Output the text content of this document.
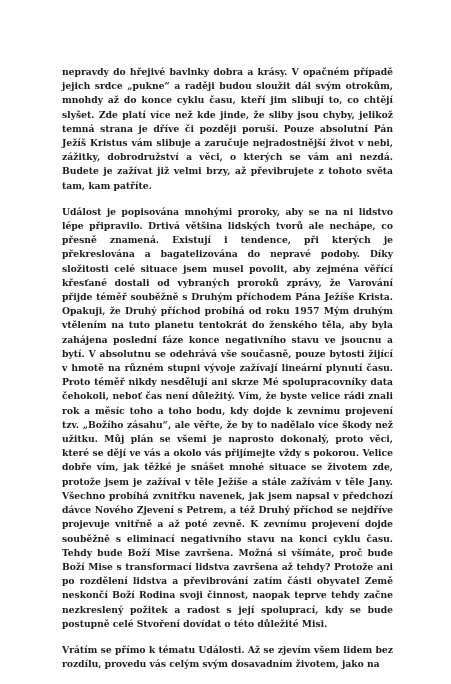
nepravdy do hřejivé bavlnky dobra a krásy. V opačném případě jejich srdce „pukne“ a raději budou sloužit dál svým otrokům, mnohdy až do konce cyklu času, kteří jim slibují to, co chtějí slyšet. Zde platí více než kde jinde, že sliby jsou chyby, jelikož temná strana je dříve či později poruší. Pouze absolutní Pán Ježíš Kristus vám slibuje a zaručuje nejradostnější život v nebi, zážitky, dobrodružství a věci, o kterých se vám ani nezdá. Budete je zažívat již velmi brzy, až převibrujete z tohoto světa tam, kam patříte.

Událost je popisována mnohými proroky, aby se na ni lidstvo lépe připravilo. Drtivá většina lidských tvorů ale nechápe, co přesně znamená. Existují i tendence, při kterých je překreslována a bagatelizována do nepravé podoby. Díky složitosti celé situace jsem musel povolit, aby zejména věřící křesťané dostali od vybraných proroků zprávy, že Varování přijde téměř souběžně s Druhým příchodem Pána Ježíše Krista. Opakuji, že Druhý příchod probíhá od roku 1957 Mým druhým vtělením na tuto planetu tentokrát do ženského těla, aby byla zahájena poslední fáze konce negativního stavu ve jsoucnu a bytí. V absolutnu se odehrává vše současně, pouze bytosti žijící v hmotě na různém stupni vývoje zažívají lineární plynutí času. Proto téměř nikdy nesdělují ani skrze Mé spolupracovníky data čehokoli, neboť čas není důležitý. Vím, že byste velice rádi znali rok a měsíc toho a toho bodu, kdy dojde k zevnímu projevení tzv. „Božího zásahu“, ale věřte, že by to nadělalo více škody než užitku. Můj plán se všemi je naprosto dokonalý, proto věci, které se dějí ve vás a okolo vás přijímejte vždy s pokorou. Velice dobře vím, jak těžké je snášet mnohé situace se životem zde, protože jsem je zažíval v těle Ježíše a stále zažívám v těle Jany. Všechno probíhá zvnitřku navenek, jak jsem napsal v předchozí dávce Nového Zjevení s Petrem, a též Druhý příchod se nejdříve projevuje vnitřně a až poté zevně. K zevnímu projevení dojde souběžně s eliminací negativního stavu na konci cyklu času. Tehdy bude Boží Mise završena. Možná si všímáte, proč bude Boží Mise s transformací lidstva završena až tehdy? Protože ani po rozdělení lidstva a převibrování zatím části obyvatel Země neskončí Boží Rodina svoji činnost, naopak teprve tehdy začne nezkreslený požitek a radost s její spoluprací, kdy se bude postupně celé Stvoření dovídat o této důležité Misi.

Vrátím se přímo k tématu Události. Až se zjevím všem lidem bez rozdílu, provedu vás celým svým dosavadním životem, jako na
